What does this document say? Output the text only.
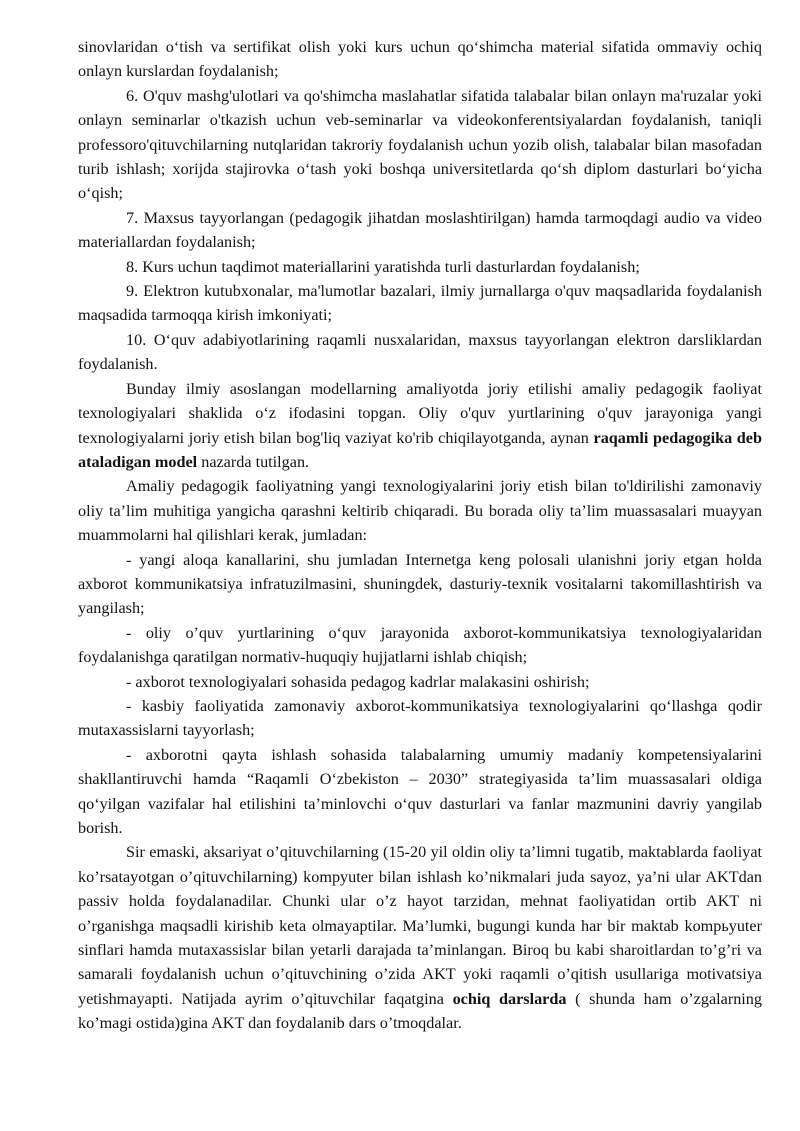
sinovlaridan o‘tish va sertifikat olish yoki kurs uchun qo‘shimcha material sifatida ommaviy ochiq onlayn kurslardan foydalanish;

6. O'quv mashg'ulotlari va qo'shimcha maslahatlar sifatida talabalar bilan onlayn ma'ruzalar yoki onlayn seminarlar o'tkazish uchun veb-seminarlar va videokonferentsiyalardan foydalanish, taniqli professoro'qituvchilarning nutqlaridan takroriy foydalanish uchun yozib olish, talabalar bilan masofadan turib ishlash; xorijda stajirovka o‘tash yoki boshqa universitetlarda qo‘sh diplom dasturlari bo‘yicha o‘qish;

7. Maxsus tayyorlangan (pedagogik jihatdan moslashtirilgan) hamda tarmoqdagi audio va video materiallardan foydalanish;

8. Kurs uchun taqdimot materiallarini yaratishda turli dasturlardan foydalanish;

9. Elektron kutubxonalar, ma'lumotlar bazalari, ilmiy jurnallarga o'quv maqsadlarida foydalanish maqsadida tarmoqqa kirish imkoniyati;

10. O‘quv adabiyotlarining raqamli nusxalaridan, maxsus tayyorlangan elektron darsliklardan foydalanish.

Bunday ilmiy asoslangan modellarning amaliyotda joriy etilishi amaliy pedagogik faoliyat texnologiyalari shaklida o‘z ifodasini topgan. Oliy o'quv yurtlarining o'quv jarayoniga yangi texnologiyalarni joriy etish bilan bog'liq vaziyat ko'rib chiqilayotganda, aynan raqamli pedagogika deb ataladigan model nazarda tutilgan.

Amaliy pedagogik faoliyatning yangi texnologiyalarini joriy etish bilan to'ldirilishi zamonaviy oliy ta’lim muhitiga yangicha qarashni keltirib chiqaradi. Bu borada oliy ta’lim muassasalari muayyan muammolarni hal qilishlari kerak, jumladan:

- yangi aloqa kanallarini, shu jumladan Internetga keng polosali ulanishni joriy etgan holda axborot kommunikatsiya infratuzilmasini, shuningdek, dasturiy-texnik vositalarni takomillashtirish va yangilash;

- oliy o’quv yurtlarining o‘quv jarayonida axborot-kommunikatsiya texnologiyalaridan foydalanishga qaratilgan normativ-huquqiy hujjatlarni ishlab chiqish;

- axborot texnologiyalari sohasida pedagog kadrlar malakasini oshirish;

- kasbiy faoliyatida zamonaviy axborot-kommunikatsiya texnologiyalarini qo‘llashga qodir mutaxassislarni tayyorlash;

- axborotni qayta ishlash sohasida talabalarning umumiy madaniy kompetensiyalarini shakllantiruvchi hamda “Raqamli O‘zbekiston – 2030” strategiyasida ta’lim muassasalari oldiga qo‘yilgan vazifalar hal etilishini ta’minlovchi o‘quv dasturlari va fanlar mazmunini davriy yangilab borish.

Sir emaski, aksariyat o’qituvchilarning (15-20 yil oldin oliy ta’limni tugatib, maktablarda faoliyat ko’rsatayotgan o’qituvchilarning) kompyuter bilan ishlash ko’nikmalari juda sayoz, ya’ni ular AKTdan passiv holda foydalanadilar. Chunki ular o’z hayot tarzidan, mehnat faoliyatidan ortib AKT ni o’rganishga maqsadli kirishib keta olmayaptilar. Ma’lumki, bugungi kunda har bir maktab kompьyuter sinflari hamda mutaxassislar bilan yetarli darajada ta’minlangan. Biroq bu kabi sharoitlardan to’g’ri va samarali foydalanish uchun o’qituvchining o’zida AKT yoki raqamli o’qitish usullariga motivatsiya yetishmayapti. Natijada ayrim o’qituvchilar faqatgina ochiq darslarda ( shunda ham o’zgalarning ko’magi ostida)gina AKT dan foydalanib dars o’tmoqdalar.
